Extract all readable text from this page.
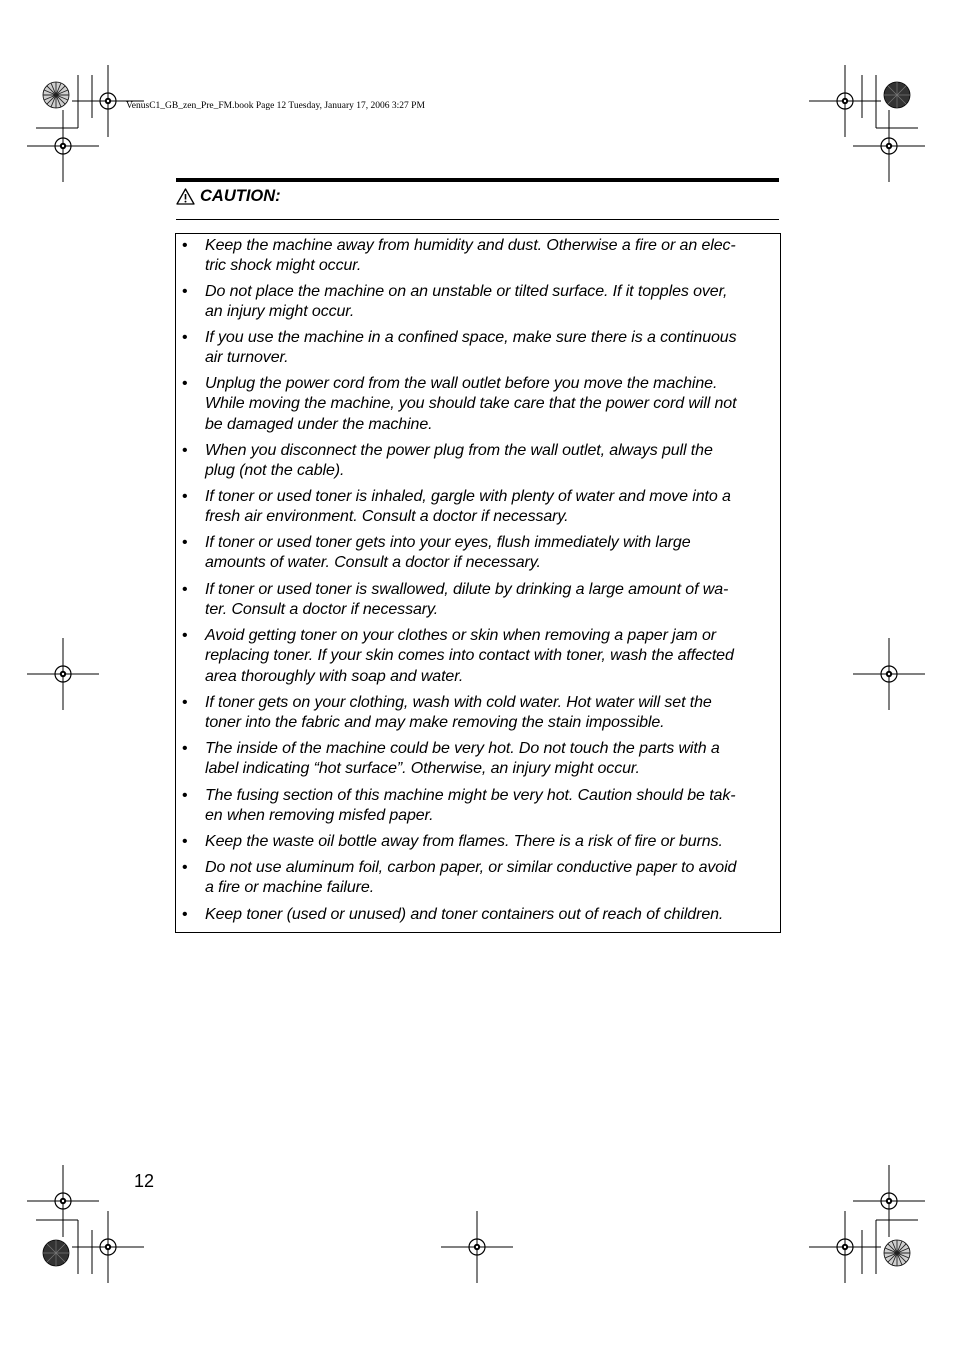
VenusC1_GB_zen_Pre_FM.book Page 12 Tuesday, January 17, 2006 3:27 PM
CAUTION:
• Keep the machine away from humidity and dust. Otherwise a fire or an elec-
tric shock might occur.
• Do not place the machine on an unstable or tilted surface. If it topples over,
an injury might occur.
• If you use the machine in a confined space, make sure there is a continuous
air turnover.
• Unplug the power cord from the wall outlet before you move the machine.
While moving the machine, you should take care that the power cord will not
be damaged under the machine.
• When you disconnect the power plug from the wall outlet, always pull the
plug (not the cable).
• If toner or used toner is inhaled, gargle with plenty of water and move into a
fresh air environment. Consult a doctor if necessary.
• If toner or used toner gets into your eyes, flush immediately with large
amounts of water. Consult a doctor if necessary.
• If toner or used toner is swallowed, dilute by drinking a large amount of wa-
ter. Consult a doctor if necessary.
• Avoid getting toner on your clothes or skin when removing a paper jam or
replacing toner. If your skin comes into contact with toner, wash the affected
area thoroughly with soap and water.
• If toner gets on your clothing, wash with cold water. Hot water will set the
toner into the fabric and may make removing the stain impossible.
• The inside of the machine could be very hot. Do not touch the parts with a
label indicating “hot surface”. Otherwise, an injury might occur.
• The fusing section of this machine might be very hot. Caution should be tak-
en when removing misfed paper.
• Keep the waste oil bottle away from flames. There is a risk of fire or burns.
• Do not use aluminum foil, carbon paper, or similar conductive paper to avoid
a fire or machine failure.
• Keep toner (used or unused) and toner containers out of reach of children.
12
